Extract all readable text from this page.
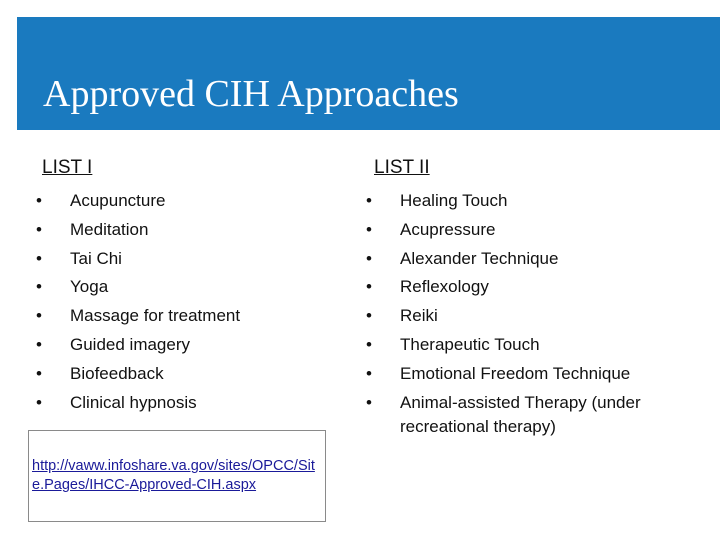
Approved CIH Approaches
LIST I
• Acupuncture
• Meditation
• Tai Chi
• Yoga
• Massage for treatment
• Guided imagery
• Biofeedback
• Clinical hypnosis
LIST II
• Healing Touch
• Acupressure
• Alexander Technique
• Reflexology
• Reiki
• Therapeutic Touch
• Emotional Freedom Technique
• Animal-assisted Therapy (under recreational therapy)
http://vaww.infoshare.va.gov/sites/OPCC/Site.Pages/IHCC-Approved-CIH.aspx
